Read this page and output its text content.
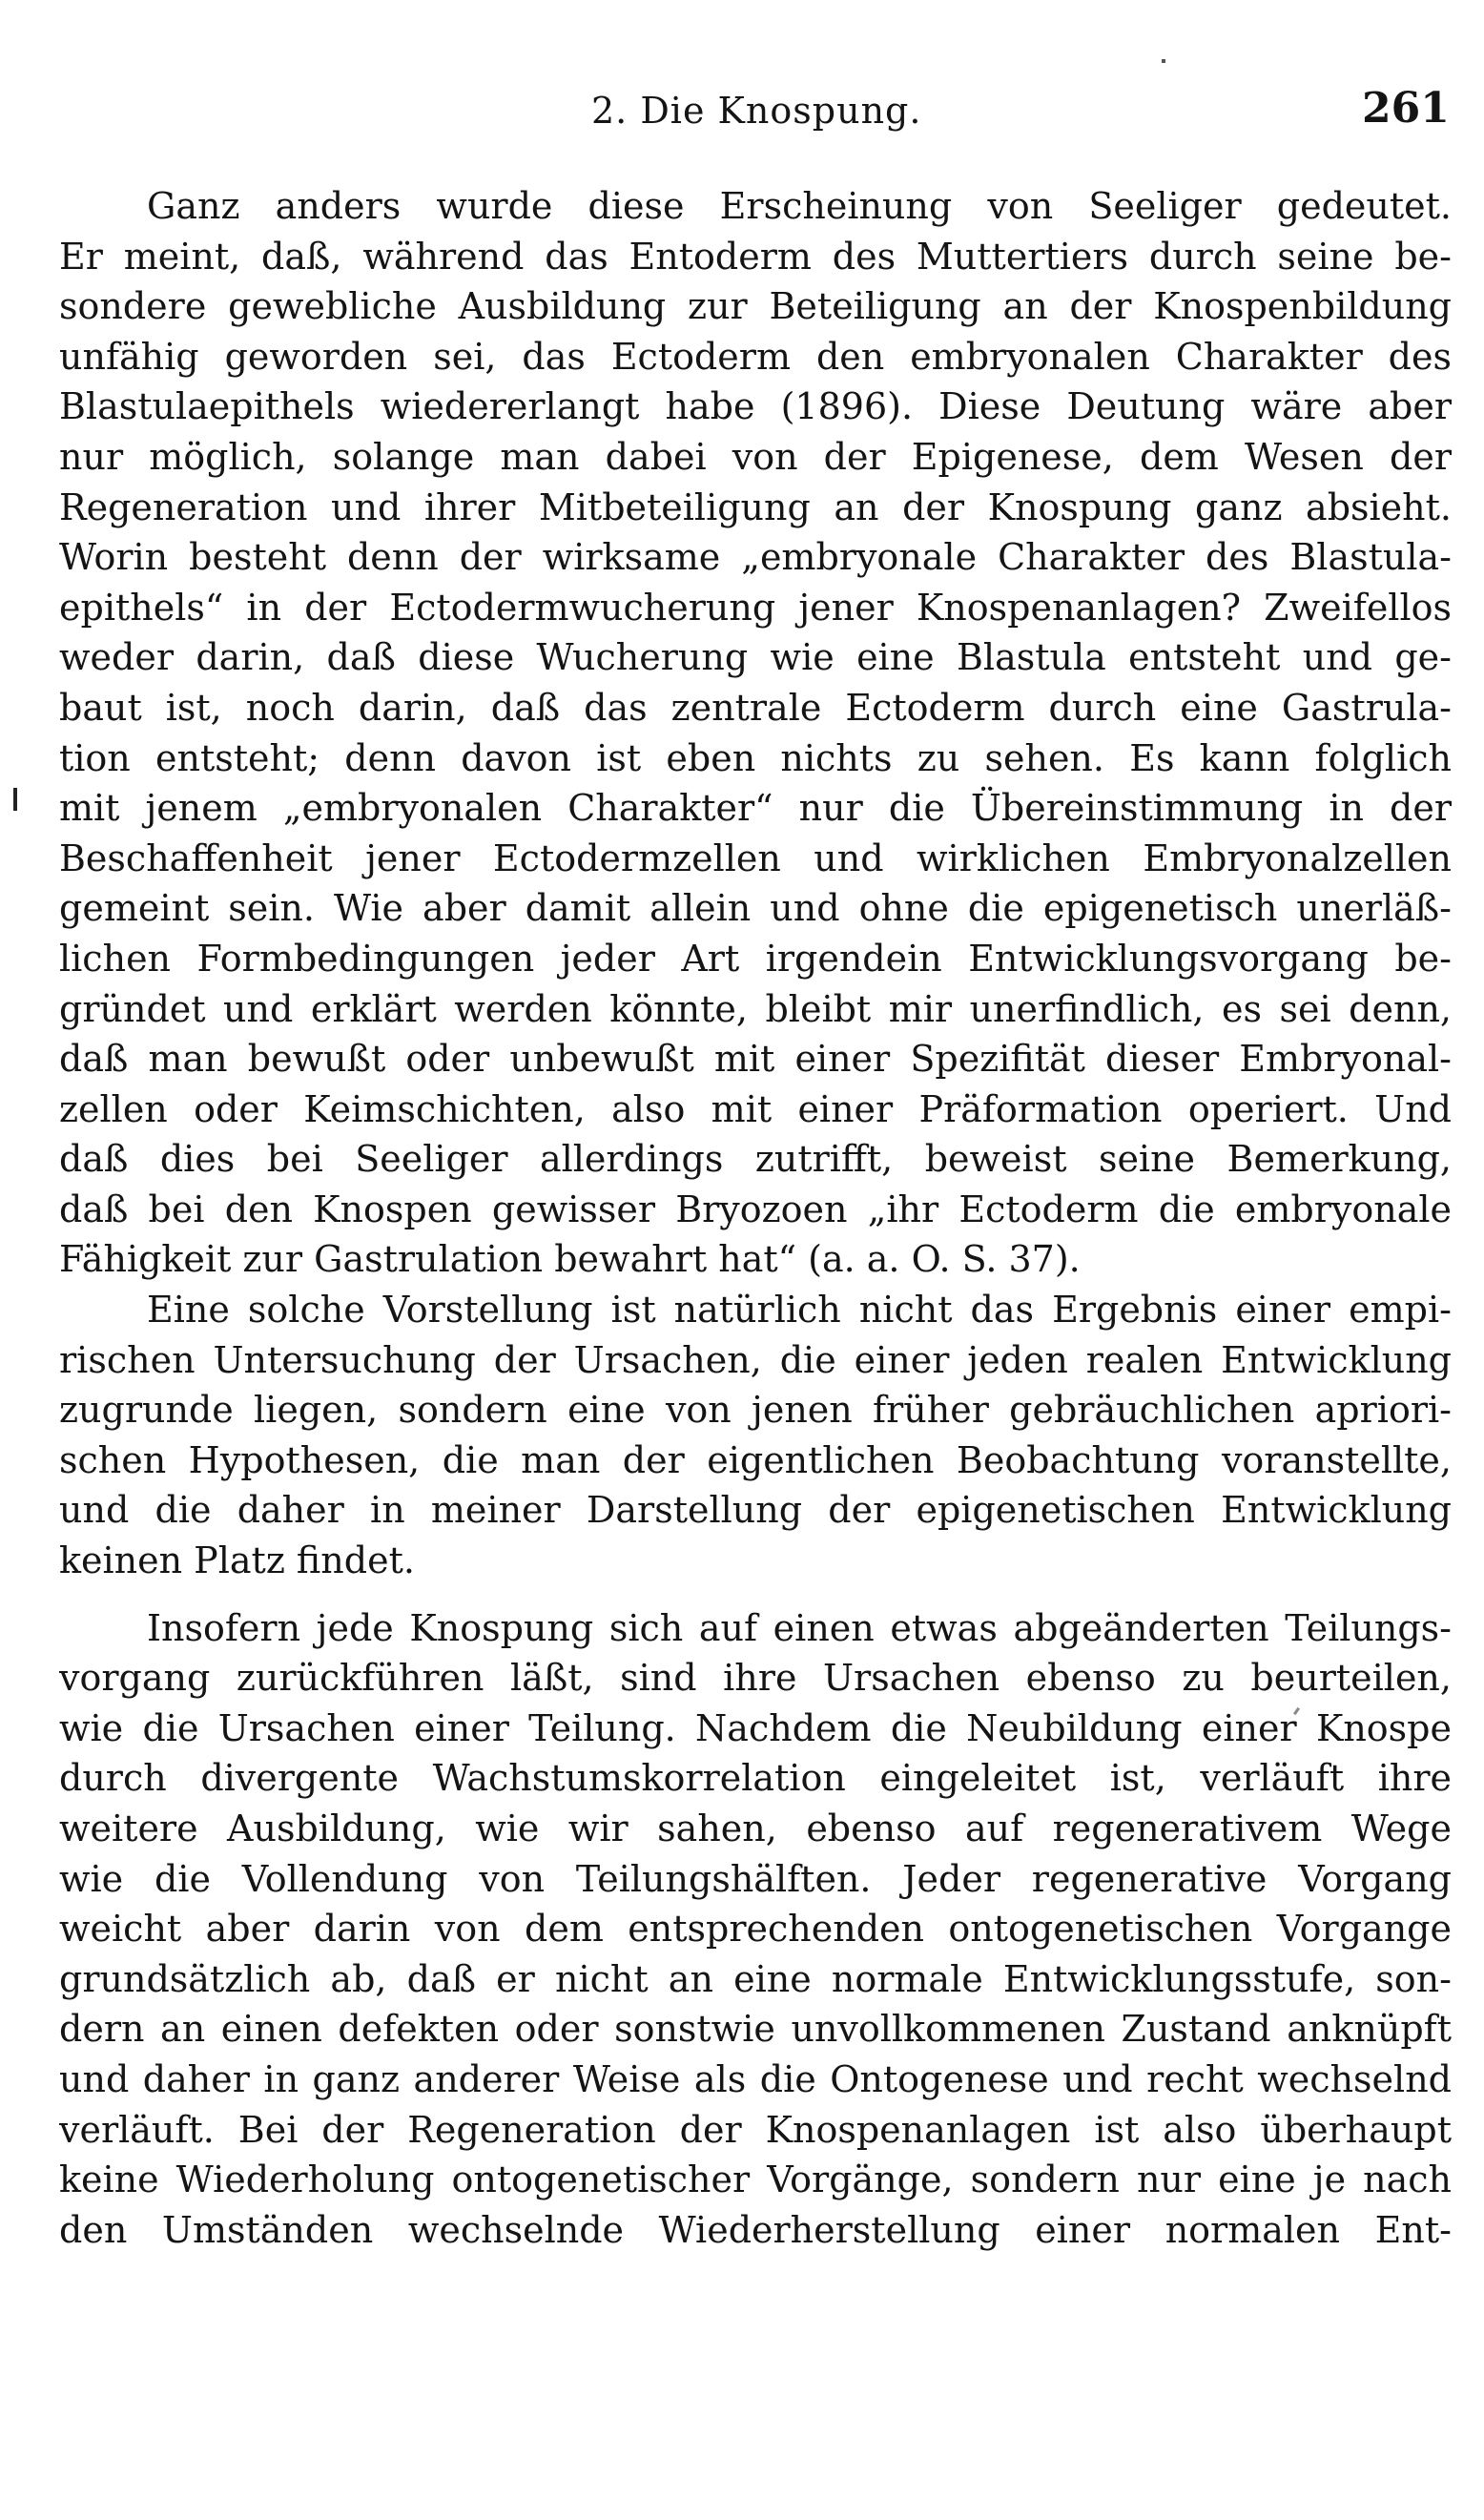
2. Die Knospung.	261
Ganz anders wurde diese Erscheinung von Seeliger gedeutet.
Er meint, daß, während das Entoderm des Muttertiers durch seine be-
sondere gewebliche Ausbildung zur Beteiligung an der Knospenbildung
unfähig geworden sei, das Ectoderm den embryonalen Charakter des
Blastulaepithels wiedererlangt habe (1896). Diese Deutung wäre aber
nur möglich, solange man dabei von der Epigenese, dem Wesen der
Regeneration und ihrer Mitbeteiligung an der Knospung ganz absieht.
Worin besteht denn der wirksame „embryonale Charakter des Blastula-
epithels“ in der Ectodermwucherung jener Knospenanlagen? Zweifellos
weder darin, daß diese Wucherung wie eine Blastula entsteht und ge-
baut ist, noch darin, daß das zentrale Ectoderm durch eine Gastrula-
tion entsteht; denn davon ist eben nichts zu sehen. Es kann folglich
mit jenem „embryonalen Charakter“ nur die Übereinstimmung in der
Beschaffenheit jener Ectodermzellen und wirklichen Embryonalzellen
gemeint sein. Wie aber damit allein und ohne die epigenetisch unerläß-
lichen Formbedingungen jeder Art irgendein Entwicklungsvorgang be-
gründet und erklärt werden könnte, bleibt mir unerfindlich, es sei denn,
daß man bewußt oder unbewußt mit einer Spezifität dieser Embryonal-
zellen oder Keimschichten, also mit einer Präformation operiert. Und
daß dies bei Seeliger allerdings zutrifft, beweist seine Bemerkung,
daß bei den Knospen gewisser Bryozoen „ihr Ectoderm die embryonale
Fähigkeit zur Gastrulation bewahrt hat“ (a. a. O. S. 37).
Eine solche Vorstellung ist natürlich nicht das Ergebnis einer empi-
rischen Untersuchung der Ursachen, die einer jeden realen Entwicklung
zugrunde liegen, sondern eine von jenen früher gebräuchlichen apriori-
schen Hypothesen, die man der eigentlichen Beobachtung voranstellte,
und die daher in meiner Darstellung der epigenetischen Entwicklung
keinen Platz findet.
Insofern jede Knospung sich auf einen etwas abgeänderten Teilungs-
vorgang zurückführen läßt, sind ihre Ursachen ebenso zu beurteilen,
wie die Ursachen einer Teilung. Nachdem die Neubildung einer Knospe
durch divergente Wachstumskorrelation eingeleitet ist, verläuft ihre
weitere Ausbildung, wie wir sahen, ebenso auf regenerativem Wege
wie die Vollendung von Teilungshälften. Jeder regenerative Vorgang
weicht aber darin von dem entsprechenden ontogenetischen Vorgange
grundsätzlich ab, daß er nicht an eine normale Entwicklungsstufe, son-
dern an einen defekten oder sonstwie unvollkommenen Zustand anknüpft
und daher in ganz anderer Weise als die Ontogenese und recht wechselnd
verläuft. Bei der Regeneration der Knospenanlagen ist also überhaupt
keine Wiederholung ontogenetischer Vorgänge, sondern nur eine je nach
den Umständen wechselnde Wiederherstellung einer normalen Ent-
